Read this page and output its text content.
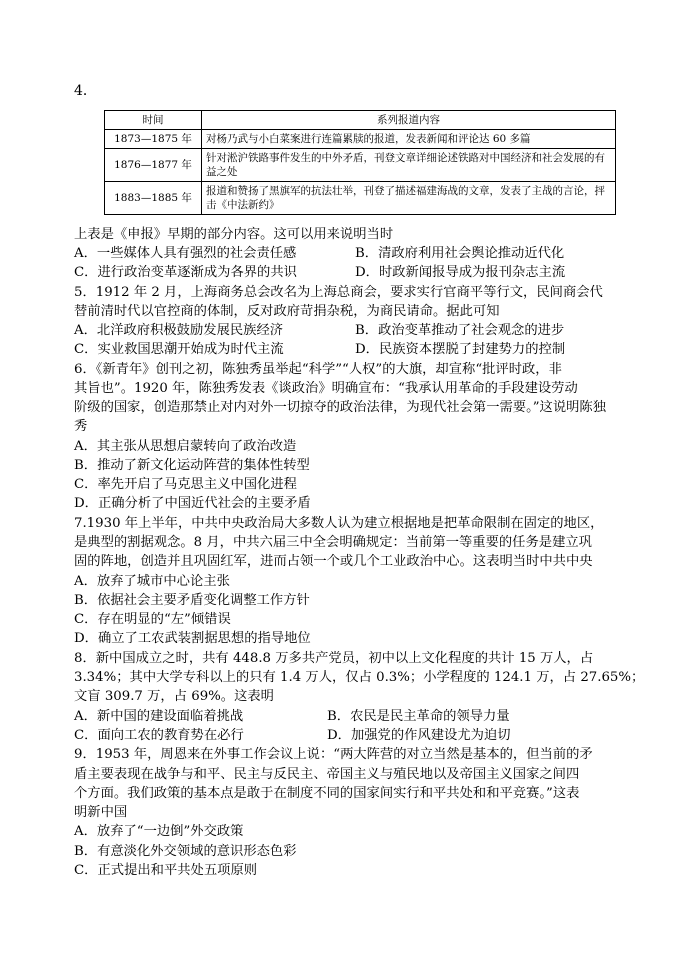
4．
时间	系列报道内容
1873—1875 年	对杨乃武与小白菜案进行连篇累牍的报道，发表新闻和评论达 60 多篇
1876—1877 年	针对淞沪铁路事件发生的中外矛盾，刊登文章详细论述铁路对中国经济和社会发展的有益之处
1883—1885 年	报道和赞扬了黑旗军的抗法壮举，刊登了描述福建海战的文章，发表了主战的言论，抨击《中法新约》
上表是《申报》早期的部分内容。这可以用来说明当时
A．一些媒体人具有强烈的社会责任感	B．清政府利用社会舆论推动近代化
C．进行政治变革逐渐成为各界的共识	D．时政新闻报导成为报刊杂志主流
5．1912 年 2 月，上海商务总会改名为上海总商会，要求实行官商平等行文，民间商会代
替前清时代以官控商的体制，反对政府苛捐杂税，为商民请命。据此可知
A．北洋政府积极鼓励发展民族经济	B．政治变革推动了社会观念的进步
C．实业救国思潮开始成为时代主流	D．民族资本摆脱了封建势力的控制
6．《新青年》创刊之初，陈独秀虽举起“科学”“人权”的大旗，却宣称“批评时政，非
其旨也”。1920 年，陈独秀发表《谈政治》明确宣布：“我承认用革命的手段建设劳动
阶级的国家，创造那禁止对内对外一切掠夺的政治法律，为现代社会第一需要。”这说明陈独
秀
A．其主张从思想启蒙转向了政治改造
B．推动了新文化运动阵营的集体性转型
C．率先开启了马克思主义中国化进程
D．正确分析了中国近代社会的主要矛盾
7.1930 年上半年，中共中央政治局大多数人认为建立根据地是把革命限制在固定的地区，
是典型的割据观念。8 月，中共六届三中全会明确规定：当前第一等重要的任务是建立巩
固的阵地，创造并且巩固红军，进而占领一个或几个工业政治中心。这表明当时中共中央
A．放弃了城市中心论主张
B．依据社会主要矛盾变化调整工作方针
C．存在明显的“左”倾错误
D．确立了工农武装割据思想的指导地位
8．新中国成立之时，共有 448.8 万多共产党员，初中以上文化程度的共计 15 万人，占
3.34%；其中大学专科以上的只有 1.4 万人，仅占 0.3%；小学程度的 124.1 万，占 27.65%；
文盲 309.7 万，占 69%。这表明
A．新中国的建设面临着挑战	B．农民是民主革命的领导力量
C．面向工农的教育势在必行	D．加强党的作风建设尤为迫切
9．1953 年，周恩来在外事工作会议上说：“两大阵营的对立当然是基本的，但当前的矛
盾主要表现在战争与和平、民主与反民主、帝国主义与殖民地以及帝国主义国家之间四
个方面。我们政策的基本点是敢于在制度不同的国家间实行和平共处和和平竞赛。”这表
明新中国
A．放弃了“一边倒”外交政策
B．有意淡化外交领域的意识形态色彩
C．正式提出和平共处五项原则
